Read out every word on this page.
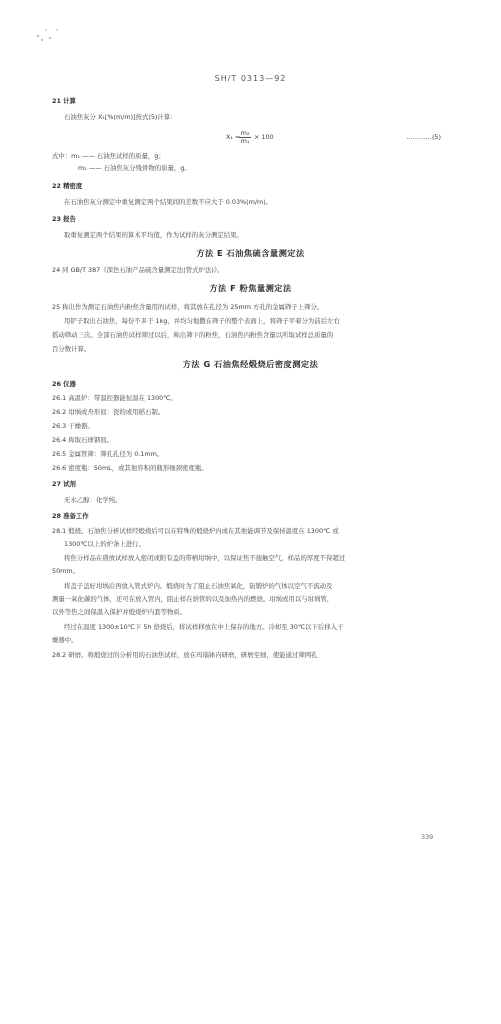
SH/T 0313—92
21 计算
石油焦灰分 X₁[%(m/m)]按式(5)计算：
X₁ = m₂
m₁ × 100	…………(5)
式中：m₁ —— 石油焦试样的质量，g；
m₂ —— 石油焦灰分残骨物的质量，g。
22 精密度
在石油焦灰分测定中重复测定两个结果间的差数不应大于 0.03%(m/m)。
23 报告
取重复测定两个结果的算术平均值，作为试样的灰分测定结果。
方法 E 石油焦硫含量测定法
24 同 GB/T 387《深色石油产品硫含量测定法(管式炉法)》。
方法 F 粉焦量测定法
25 称出作为测定石油焦内粉焦含量用的试样，将其放在孔径为 25mm 方孔的金属筛子上筛分。
用铲子取出石油焦，每份不多于 1kg，并均匀地撒在筛子的整个表面上，将筛子平着分为前后左右
摇动筛动三次。全部石油焦试样筛过以后，称出筛下的粉焦，石油焦内粉焦含量以所取试样总质量的
百分数计算。
方法 G 石油焦经煅烧后密度测定法
26 仪器
26.1 高温炉：带温控器能恒温在 1300℃。
26.2 坩埚或舟形皿：瓷的或用稻石制。
26.3 干燥器。
26.4 称取石球钢皿。
26.5 金属管筛：筛孔孔径为 0.1mm。
26.6 密度瓶：50mL，或其他容积的瓶形细颈密度瓶。
27 试剂
无水乙醇：化学纯。
28 准备工作
28.1 煅烧。石油焦分析试样经煅烧后可以在特殊的煅烧炉内或在其他能调节及保持温度在 1300℃ 或
1300℃以上的炉条上进行。
将焦分样品在盛放试样放入密闭或附有盖的带柄坩埚中，以保证焦不接触空气，样品的厚度不得超过
50mm。
将盖子盖好坩埚后再放入管式炉内。煅烧时为了阻止石油焦氧化，防锻炉的气体以空气不流动及
测量一氧化碳的气体，还可在放入管内，阻止样在焙管的以及加热内的燃烧。坩埚或用以与坩埚管，
以外等焦之间保温入保护并煅烧炉内套等物质。
经过在温度 1300±10℃下 5h 焙烧后，将试样移放在中上保存的地方。冷却至 30℃以下后移入干
燥器中。
28.2 研磨。将煅烧过的分析用的石油焦试样，放在玛瑙钵内研磨，研磨至细，使能通过筛网孔
339
